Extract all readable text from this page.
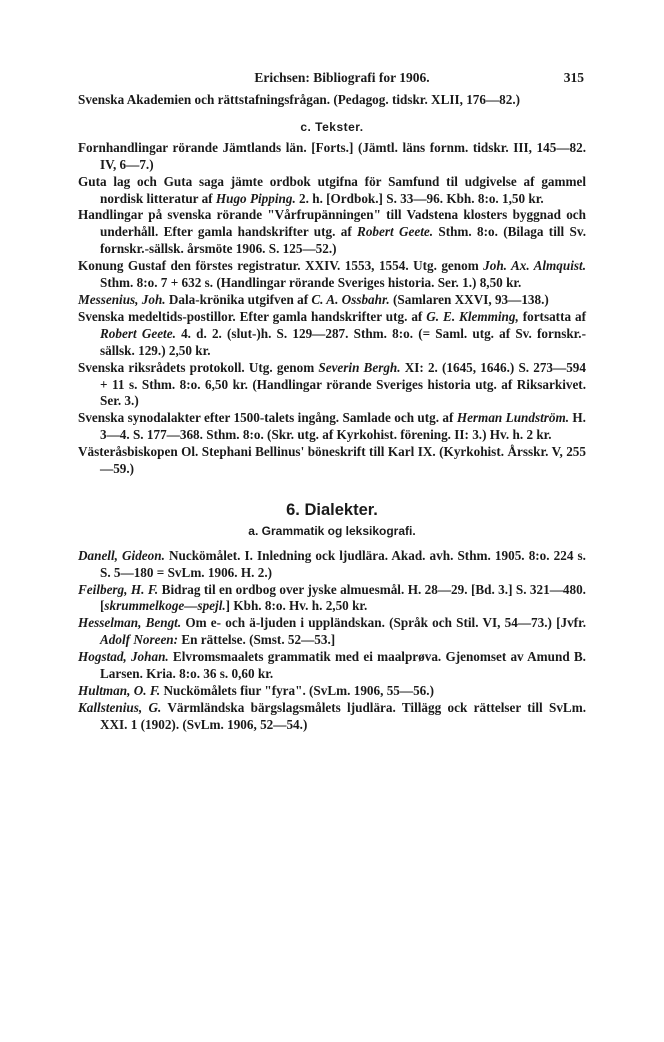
Erichsen: Bibliografi for 1906.	315
Svenska Akademien och rättstafningsfrågan. (Pedagog. tidskr. XLII, 176—82.)
c. Tekster.
Fornhandlingar rörande Jämtlands län. [Forts.] (Jämtl. läns fornm. tidskr. III, 145—82. IV, 6—7.)
Guta lag och Guta saga jämte ordbok utgifna för Samfund til udgivelse af gammel nordisk litteratur af Hugo Pipping. 2. h. [Ordbok.] S. 33—96. Kbh. 8:o. 1,50 kr.
Handlingar på svenska rörande "Vårfrupänningen" till Vadstena klosters byggnad och underhåll. Efter gamla handskrifter utg. af Robert Geete. Sthm. 8:o. (Bilaga till Sv. fornskr.-sällsk. årsmöte 1906. S. 125—52.)
Konung Gustaf den förstes registratur. XXIV. 1553, 1554. Utg. genom Joh. Ax. Almquist. Sthm. 8:o. 7 + 632 s. (Handlingar rörande Sveriges historia. Ser. 1.) 8,50 kr.
Messenius, Joh. Dala-krönika utgifven af C. A. Ossbahr. (Samlaren XXVI, 93—138.)
Svenska medeltids-postillor. Efter gamla handskrifter utg. af G. E. Klemming, fortsatta af Robert Geete. 4. d. 2. (slut-)h. S. 129—287. Sthm. 8:o. (= Saml. utg. af Sv. fornskr.-sällsk. 129.) 2,50 kr.
Svenska riksrådets protokoll. Utg. genom Severin Bergh. XI: 2. (1645, 1646.) S. 273—594 + 11 s. Sthm. 8:o. 6,50 kr. (Handlingar rörande Sveriges historia utg. af Riksarkivet. Ser. 3.)
Svenska synodalakter efter 1500-talets ingång. Samlade och utg. af Herman Lundström. H. 3—4. S. 177—368. Sthm. 8:o. (Skr. utg. af Kyrkohist. förening. II: 3.) Hv. h. 2 kr.
Västeråsbiskopen Ol. Stephani Bellinus' böneskrift till Karl IX. (Kyrkohist. Årsskr. V, 255—59.)
6. Dialekter.
a. Grammatik og leksikografi.
Danell, Gideon. Nuckömålet. I. Inledning ock ljudlära. Akad. avh. Sthm. 1905. 8:o. 224 s. S. 5—180 = SvLm. 1906. H. 2.)
Feilberg, H. F. Bidrag til en ordbog over jyske almuesmål. H. 28—29. [Bd. 3.] S. 321—480. [skrummelkoge—spejl.] Kbh. 8:o. Hv. h. 2,50 kr.
Hesselman, Bengt. Om e- och ä-ljuden i uppländskan. (Språk och Stil. VI, 54—73.) [Jvfr. Adolf Noreen: En rättelse. (Smst. 52—53.]
Hogstad, Johan. Elvromsmaalets grammatik med ei maalprøva. Gjenomset av Amund B. Larsen. Kria. 8:o. 36 s. 0,60 kr.
Hultman, O. F. Nuckömålets fiur "fyra". (SvLm. 1906, 55—56.)
Kallstenius, G. Värmländska bärgslagsmålets ljudlära. Tillägg ock rättelser till SvLm. XXI. 1 (1902). (SvLm. 1906, 52—54.)
